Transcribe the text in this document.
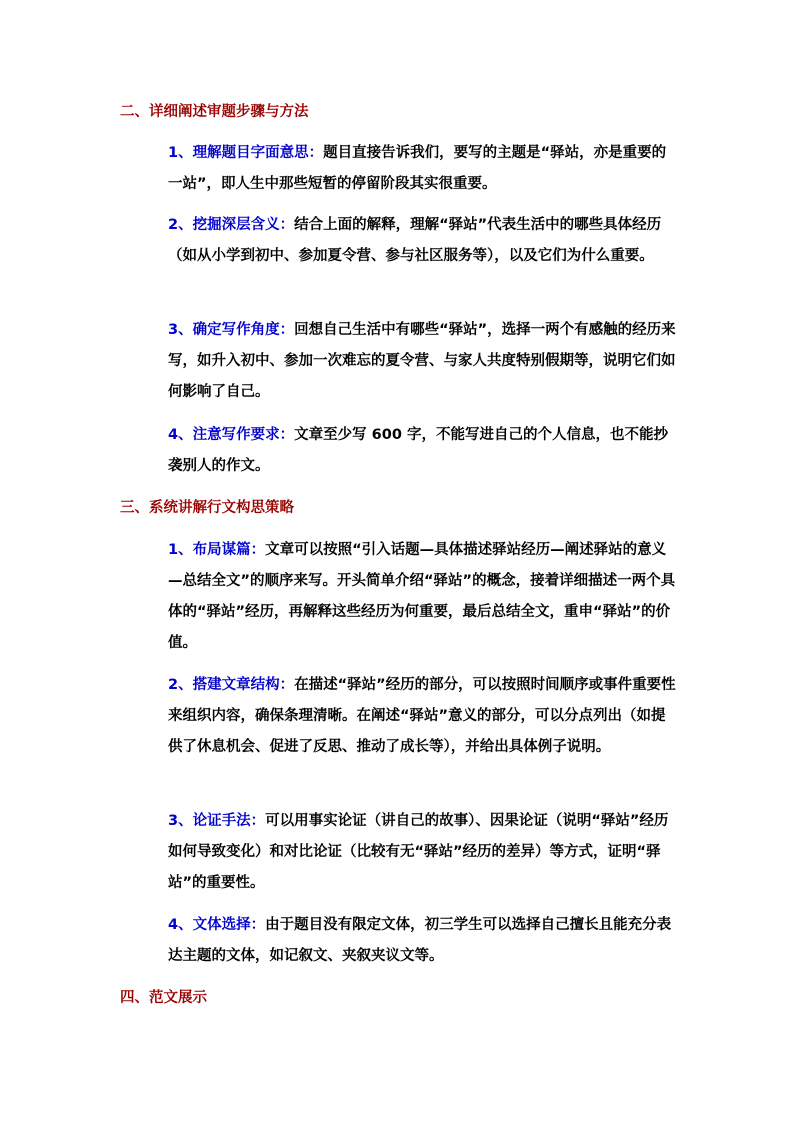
二、详细阐述审题步骤与方法
1、理解题目字面意思：题目直接告诉我们，要写的主题是“驿站，亦是重要的一站”，即人生中那些短暂的停留阶段其实很重要。
2、挖掘深层含义：结合上面的解释，理解“驿站”代表生活中的哪些具体经历（如从小学到初中、参加夏令营、参与社区服务等），以及它们为什么重要。
3、确定写作角度：回想自己生活中有哪些“驿站”，选择一两个有感触的经历来写，如升入初中、参加一次难忘的夏令营、与家人共度特别假期等，说明它们如何影响了自己。
4、注意写作要求：文章至少写 600 字，不能写进自己的个人信息，也不能抄袭别人的作文。
三、系统讲解行文构思策略
1、布局谋篇：文章可以按照“引入话题—具体描述驿站经历—阐述驿站的意义—总结全文”的顺序来写。开头简单介绍“驿站”的概念，接着详细描述一两个具体的“驿站”经历，再解释这些经历为何重要，最后总结全文，重申“驿站”的价值。
2、搭建文章结构：在描述“驿站”经历的部分，可以按照时间顺序或事件重要性来组织内容，确保条理清晰。在阐述“驿站”意义的部分，可以分点列出（如提供了休息机会、促进了反思、推动了成长等），并给出具体例子说明。
3、论证手法：可以用事实论证（讲自己的故事）、因果论证（说明“驿站”经历如何导致变化）和对比论证（比较有无“驿站”经历的差异）等方式，证明“驿站”的重要性。
4、文体选择：由于题目没有限定文体，初三学生可以选择自己擅长且能充分表达主题的文体，如记叙文、夹叙夹议文等。
四、范文展示
